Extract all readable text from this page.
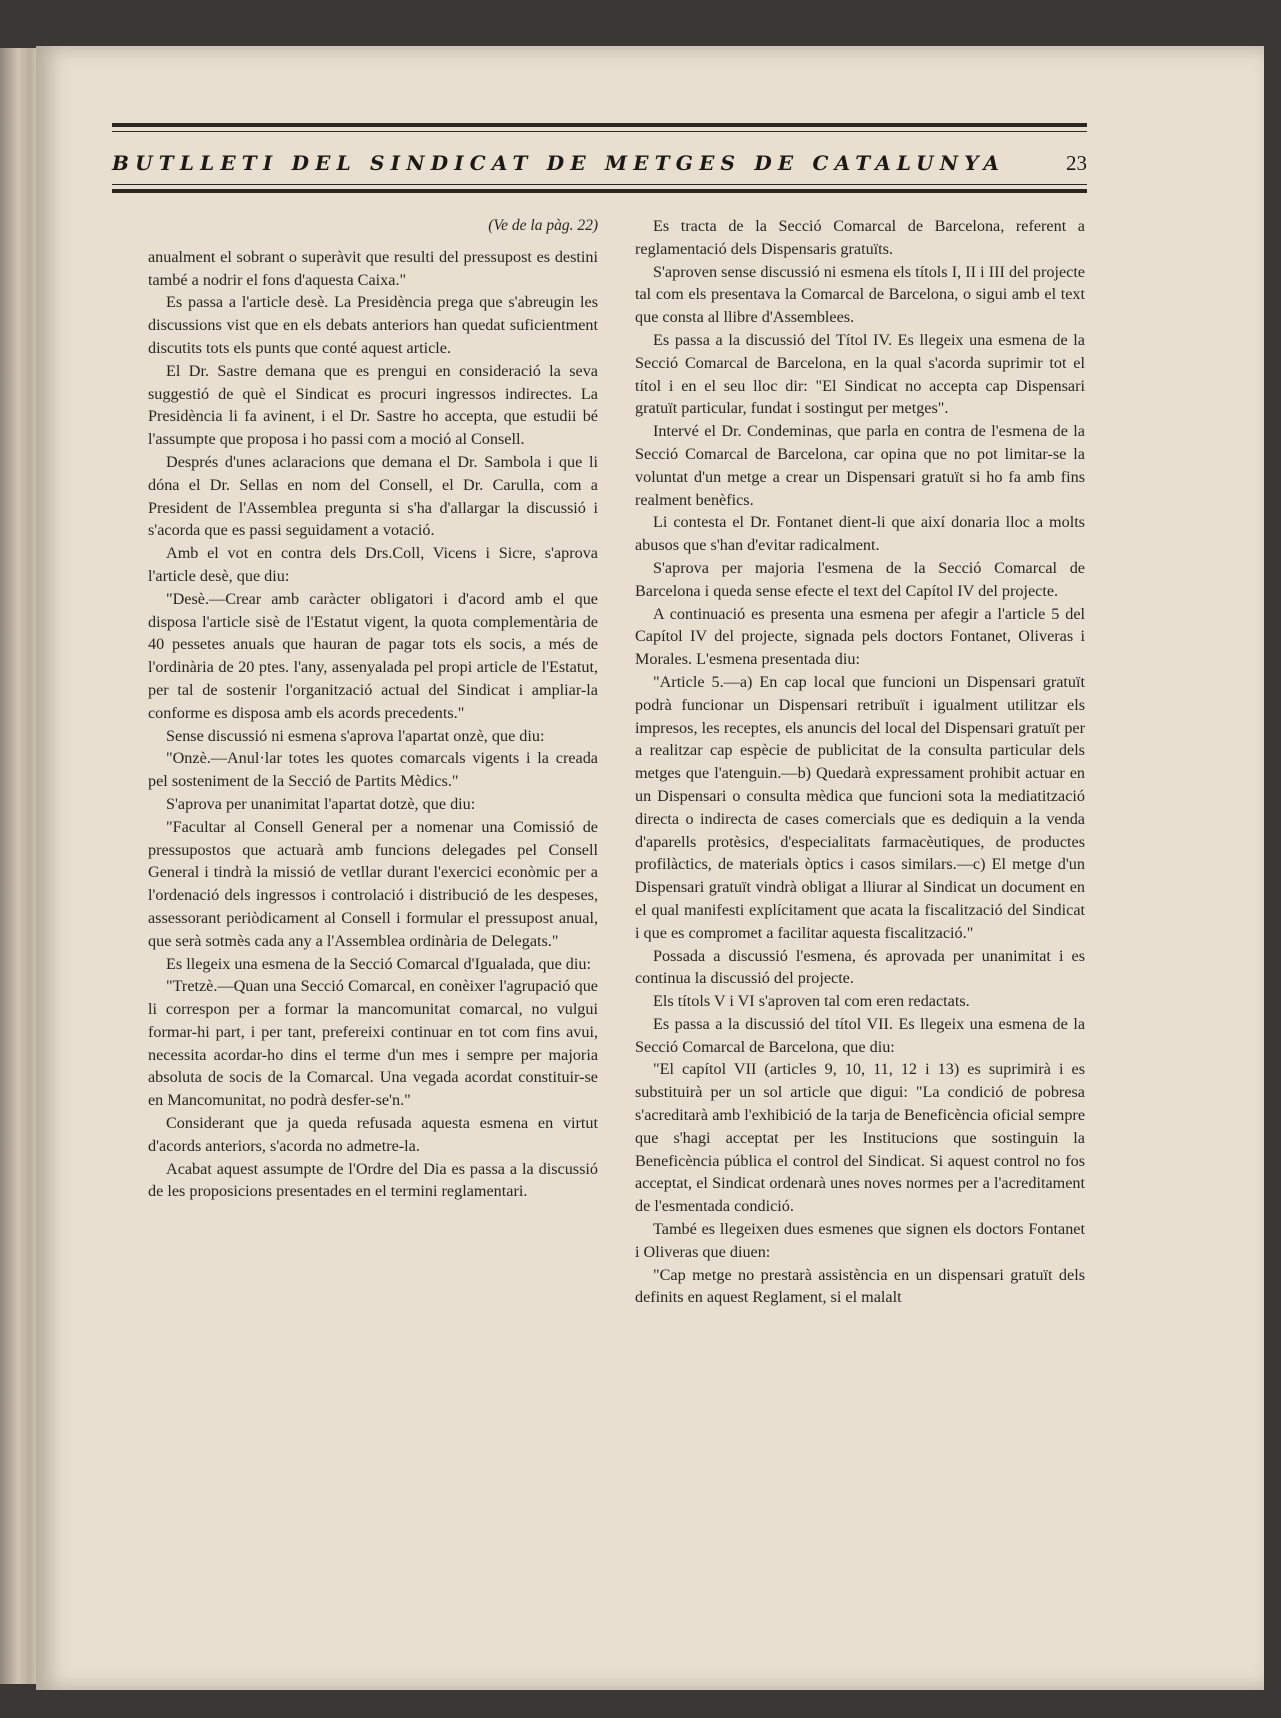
BUTLLETI DEL SINDICAT DE METGES DE CATALUNYA	23

(Ve de la pàg. 22)

anualment el sobrant o superàvit que resulti del pressupost es destini també a nodrir el fons d'aquesta Caixa."

Es passa a l'article desè. La Presidència prega que s'abreugin les discussions vist que en els debats anteriors han quedat suficientment discutits tots els punts que conté aquest article.

El Dr. Sastre demana que es prengui en consideració la seva suggestió de què el Sindicat es procuri ingressos indirectes. La Presidència li fa avinent, i el Dr. Sastre ho accepta, que estudii bé l'assumpte que proposa i ho passi com a moció al Consell.

Després d'unes aclaracions que demana el Dr. Sambola i que li dóna el Dr. Sellas en nom del Consell, el Dr. Carulla, com a President de l'Assemblea pregunta si s'ha d'allargar la discussió i s'acorda que es passi seguidament a votació.

Amb el vot en contra dels Drs.Coll, Vicens i Sicre, s'aprova l'article desè, que diu:

"Desè.—Crear amb caràcter obligatori i d'acord amb el que disposa l'article sisè de l'Estatut vigent, la quota complementària de 40 pessetes anuals que hauran de pagar tots els socis, a més de l'ordinària de 20 ptes. l'any, assenyalada pel propi article de l'Estatut, per tal de sostenir l'organització actual del Sindicat i ampliar-la conforme es disposa amb els acords precedents."

Sense discussió ni esmena s'aprova l'apartat onzè, que diu:

"Onzè.—Anul·lar totes les quotes comarcals vigents i la creada pel sosteniment de la Secció de Partits Mèdics."

S'aprova per unanimitat l'apartat dotzè, que diu:

"Facultar al Consell General per a nomenar una Comissió de pressupostos que actuarà amb funcions delegades pel Consell General i tindrà la missió de vetllar durant l'exercici econòmic per a l'ordenació dels ingressos i controlació i distribució de les despeses, assessorant periòdicament al Consell i formular el pressupost anual, que serà sotmès cada any a l'Assemblea ordinària de Delegats."

Es llegeix una esmena de la Secció Comarcal d'Igualada, que diu:

"Tretzè.—Quan una Secció Comarcal, en conèixer l'agrupació que li correspon per a formar la mancomunitat comarcal, no vulgui formar-hi part, i per tant, prefereixi continuar en tot com fins avui, necessita acordar-ho dins el terme d'un mes i sempre per majoria absoluta de socis de la Comarcal. Una vegada acordat constituir-se en Mancomunitat, no podrà desfer-se'n."

Considerant que ja queda refusada aquesta esmena en virtut d'acords anteriors, s'acorda no admetre-la.

Acabat aquest assumpte de l'Ordre del Dia es passa a la discussió de les proposicions presentades en el termini reglamentari.

Es tracta de la Secció Comarcal de Barcelona, referent a reglamentació dels Dispensaris gratuïts.

S'aproven sense discussió ni esmena els títols I, II i III del projecte tal com els presentava la Comarcal de Barcelona, o sigui amb el text que consta al llibre d'Assemblees.

Es passa a la discussió del Títol IV. Es llegeix una esmena de la Secció Comarcal de Barcelona, en la qual s'acorda suprimir tot el títol i en el seu lloc dir: "El Sindicat no accepta cap Dispensari gratuït particular, fundat i sostingut per metges".

Intervé el Dr. Condeminas, que parla en contra de l'esmena de la Secció Comarcal de Barcelona, car opina que no pot limitar-se la voluntat d'un metge a crear un Dispensari gratuït si ho fa amb fins realment benèfics.

Li contesta el Dr. Fontanet dient-li que així donaria lloc a molts abusos que s'han d'evitar radicalment.

S'aprova per majoria l'esmena de la Secció Comarcal de Barcelona i queda sense efecte el text del Capítol IV del projecte.

A continuació es presenta una esmena per afegir a l'article 5 del Capítol IV del projecte, signada pels doctors Fontanet, Oliveras i Morales. L'esmena presentada diu:

"Article 5.—a) En cap local que funcioni un Dispensari gratuït podrà funcionar un Dispensari retribuït i igualment utilitzar els impresos, les receptes, els anuncis del local del Dispensari gratuït per a realitzar cap espècie de publicitat de la consulta particular dels metges que l'atenguin.—b) Quedarà expressament prohibit actuar en un Dispensari o consulta mèdica que funcioni sota la mediatització directa o indirecta de cases comercials que es dediquin a la venda d'aparells protèsics, d'especialitats farmacèutiques, de productes profilàctics, de materials òptics i casos similars.—c) El metge d'un Dispensari gratuït vindrà obligat a lliurar al Sindicat un document en el qual manifesti explícitament que acata la fiscalització del Sindicat i que es compromet a facilitar aquesta fiscalització."

Possada a discussió l'esmena, és aprovada per unanimitat i es continua la discussió del projecte.

Els títols V i VI s'aproven tal com eren redactats.

Es passa a la discussió del títol VII. Es llegeix una esmena de la Secció Comarcal de Barcelona, que diu:

"El capítol VII (articles 9, 10, 11, 12 i 13) es suprimirà i es substituirà per un sol article que digui: "La condició de pobresa s'acreditarà amb l'exhibició de la tarja de Beneficència oficial sempre que s'hagi acceptat per les Institucions que sostinguin la Beneficència pública el control del Sindicat. Si aquest control no fos acceptat, el Sindicat ordenarà unes noves normes per a l'acreditament de l'esmentada condició.

També es llegeixen dues esmenes que signen els doctors Fontanet i Oliveras que diuen:

"Cap metge no prestarà assistència en un dispensari gratuït dels definits en aquest Reglament, si el malalt
